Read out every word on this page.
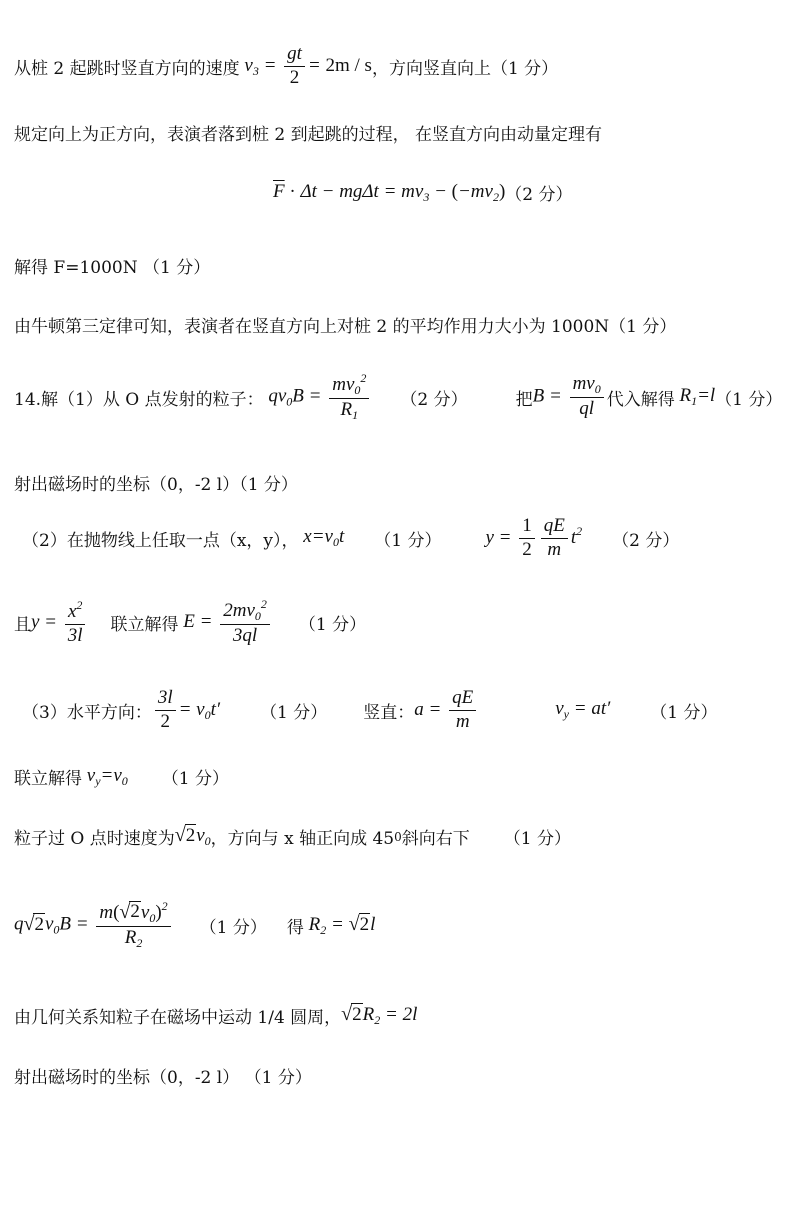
从桩 2 起跳时竖直方向的速度 $v_3 = \frac{gt}{2} = 2m / s$ ，方向竖直向上（1 分）
规定向上为正方向，表演者落到桩 2 到起跳的过程， 在竖直方向由动量定理有
$\overline{F} \cdot \Delta t - mg\Delta t = mv_3 - (-mv_2)$ （2 分）
解得 F=1000N （1 分）
由牛顿第三定律可知，表演者在竖直方向上对桩 2 的平均作用力大小为 1000N（1 分）
14.解（1）从 O 点发射的粒子： $qv_0B = \frac{mv_0^2}{R_1} (2$ 分）	把 $B = \frac{mv_0}{ql}$ 代入解得 $R_1=l$ （1 分）
射出磁场时的坐标（0，-2 l）（1 分）
（2）在抛物线上任取一点（x，y）， $x=v_0t$ （1 分） $y = \frac{1}{2} \frac{qE}{m} t^2$
（2 分）
且 $y = \frac{x^2}{3l}$ 联立解得 $E = \frac{2mv_0^2}{3ql} (1$ 分）
（3）水平方向： $\frac{3l}{2} = v_0t'$ （1 分） 竖直： $a = \frac{qE}{m}$	$v_y = at'$ （1 分）
联立解得 $v_y=v_0$ （1 分）
粒子过 O 点时速度为 √ 2 $v_0$ ，方向与 x 轴正向成 45 0 斜向右下 （1 分）
q √ 2 $v_0B = \frac{m( √ 2 v_0)^2}{R_2} (1$ 分） 得 $R_2$ = √ 2 l
由几何关系知粒子在磁场中运动 1/4 圆周， √ 2 $R_2 = 2l$
射出磁场时的坐标（0，-2 l） （1 分）
